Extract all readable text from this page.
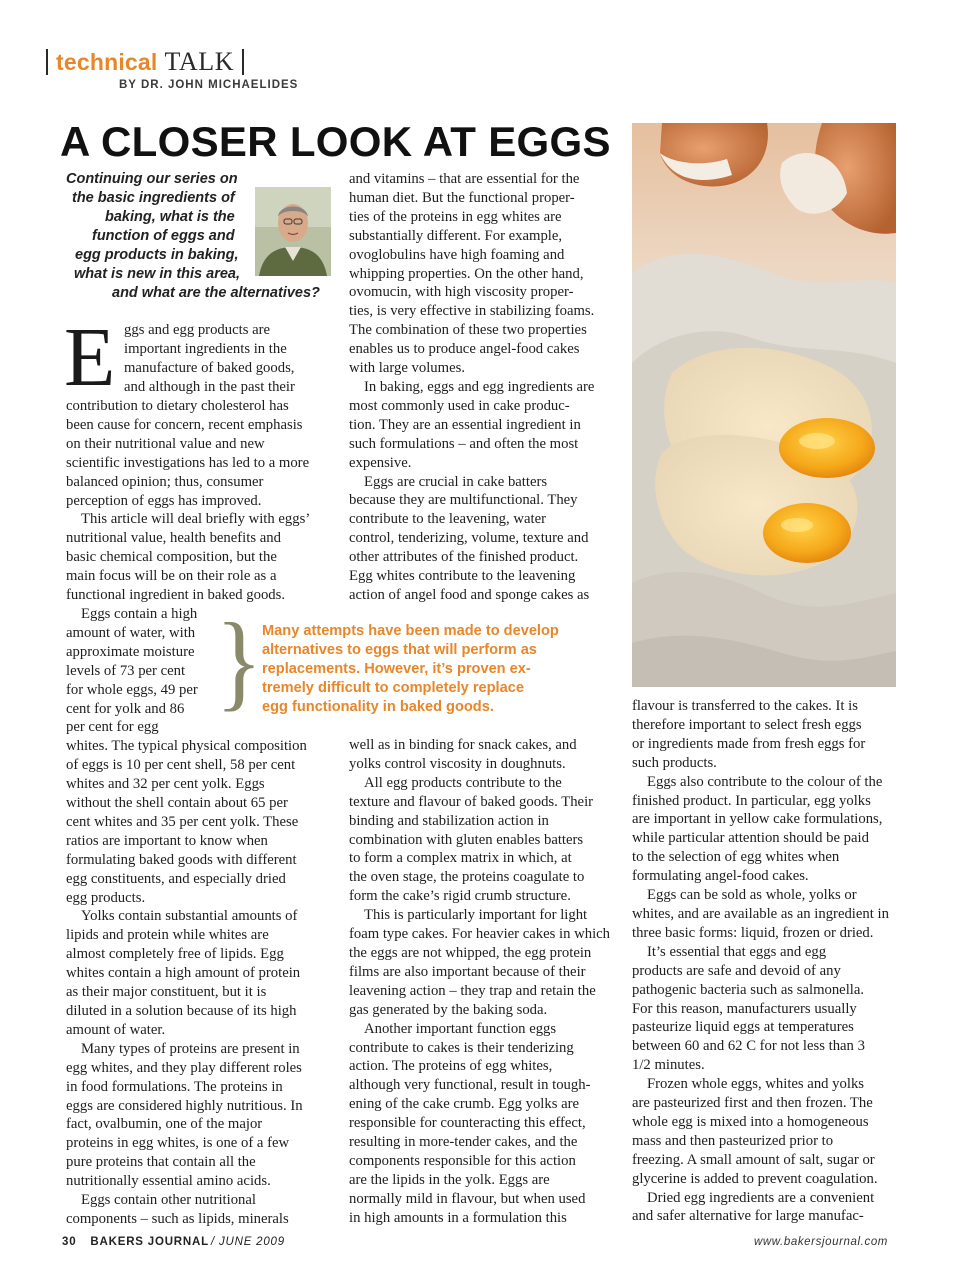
technical TALK
BY DR. JOHN MICHAELIDES
A CLOSER LOOK AT EGGS
Continuing our series on
the basic ingredients of
baking, what is the
function of eggs and
egg products in baking,
what is new in this area,
and what are the alternatives?
E ggs and egg products are

important ingredients in the

manufacture of baked goods,

and although in the past their

contribution to dietary cholesterol has

been cause for concern, recent emphasis

on their nutritional value and new

scientific investigations has led to a more

balanced opinion; thus, consumer

perception of eggs has improved.

This article will deal briefly with eggs’

nutritional value, health benefits and

basic chemical composition, but the

main focus will be on their role as a

functional ingredient in baked goods.

Eggs contain a high

amount of water, with

approximate moisture

levels of 73 per cent

for whole eggs, 49 per

cent for yolk and 86

per cent for egg

whites. The typical physical composition

of eggs is 10 per cent shell, 58 per cent

whites and 32 per cent yolk. Eggs

without the shell contain about 65 per

cent whites and 35 per cent yolk. These

ratios are important to know when

formulating baked goods with different

egg constituents, and especially dried

egg products.

Yolks contain substantial amounts of

lipids and protein while whites are

almost completely free of lipids. Egg

whites contain a high amount of protein

as their major constituent, but it is

diluted in a solution because of its high

amount of water.

Many types of proteins are present in

egg whites, and they play different roles

in food formulations. The proteins in

eggs are considered highly nutritious. In

fact, ovalbumin, one of the major

proteins in egg whites, is one of a few

pure proteins that contain all the

nutritionally essential amino acids.

Eggs contain other nutritional

components – such as lipids, minerals

and vitamins – that are essential for the

human diet. But the functional proper-

ties of the proteins in egg whites are

substantially different. For example,

ovoglobulins have high foaming and

whipping properties. On the other hand,

ovomucin, with high viscosity proper-

ties, is very effective in stabilizing foams.

The combination of these two properties

enables us to produce angel-food cakes

with large volumes.

In baking, eggs and egg ingredients are

most commonly used in cake produc-

tion. They are an essential ingredient in

such formulations – and often the most

expensive.

Eggs are crucial in cake batters

because they are multifunctional. They

contribute to the leavening, water

control, tenderizing, volume, texture and

other attributes of the finished product.

Egg whites contribute to the leavening

action of angel food and sponge cakes as

well as in binding for snack cakes, and

yolks control viscosity in doughnuts.

All egg products contribute to the

texture and flavour of baked goods. Their

binding and stabilization action in

combination with gluten enables batters

to form a complex matrix in which, at

the oven stage, the proteins coagulate to

form the cake’s rigid crumb structure.

This is particularly important for light

foam type cakes. For heavier cakes in which

the eggs are not whipped, the egg protein

films are also important because of their

leavening action – they trap and retain the

gas generated by the baking soda.

Another important function eggs

contribute to cakes is their tenderizing

action. The proteins of egg whites,

although very functional, result in tough-

ening of the cake crumb. Egg yolks are

responsible for counteracting this effect,

resulting in more-tender cakes, and the

components responsible for this action

are the lipids in the yolk. Eggs are

normally mild in flavour, but when used

in high amounts in a formulation this

} Many attempts have been made to develop
alternatives to eggs that will perform as
replacements. However, it’s proven ex-
tremely difficult to completely replace
egg functionality in baked goods.	flavour is transferred to the cakes. It is

therefore important to select fresh eggs

or ingredients made from fresh eggs for

such products.

Eggs also contribute to the colour of the

finished product. In particular, egg yolks

are important in yellow cake formulations,

while particular attention should be paid

to the selection of egg whites when

formulating angel-food cakes.

Eggs can be sold as whole, yolks or

whites, and are available as an ingredient in

three basic forms: liquid, frozen or dried.

It’s essential that eggs and egg

products are safe and devoid of any

pathogenic bacteria such as salmonella.

For this reason, manufacturers usually

pasteurize liquid eggs at temperatures

between 60 and 62 C for not less than 3

1/2 minutes.

Frozen whole eggs, whites and yolks

are pasteurized first and then frozen. The

whole egg is mixed into a homogeneous

mass and then pasteurized prior to

freezing. A small amount of salt, sugar or

glycerine is added to prevent coagulation.

Dried egg ingredients are a convenient

and safer alternative for large manufac-

30 BAKERS JOURNAL / JUNE 2009	www.bakersjournal.com
